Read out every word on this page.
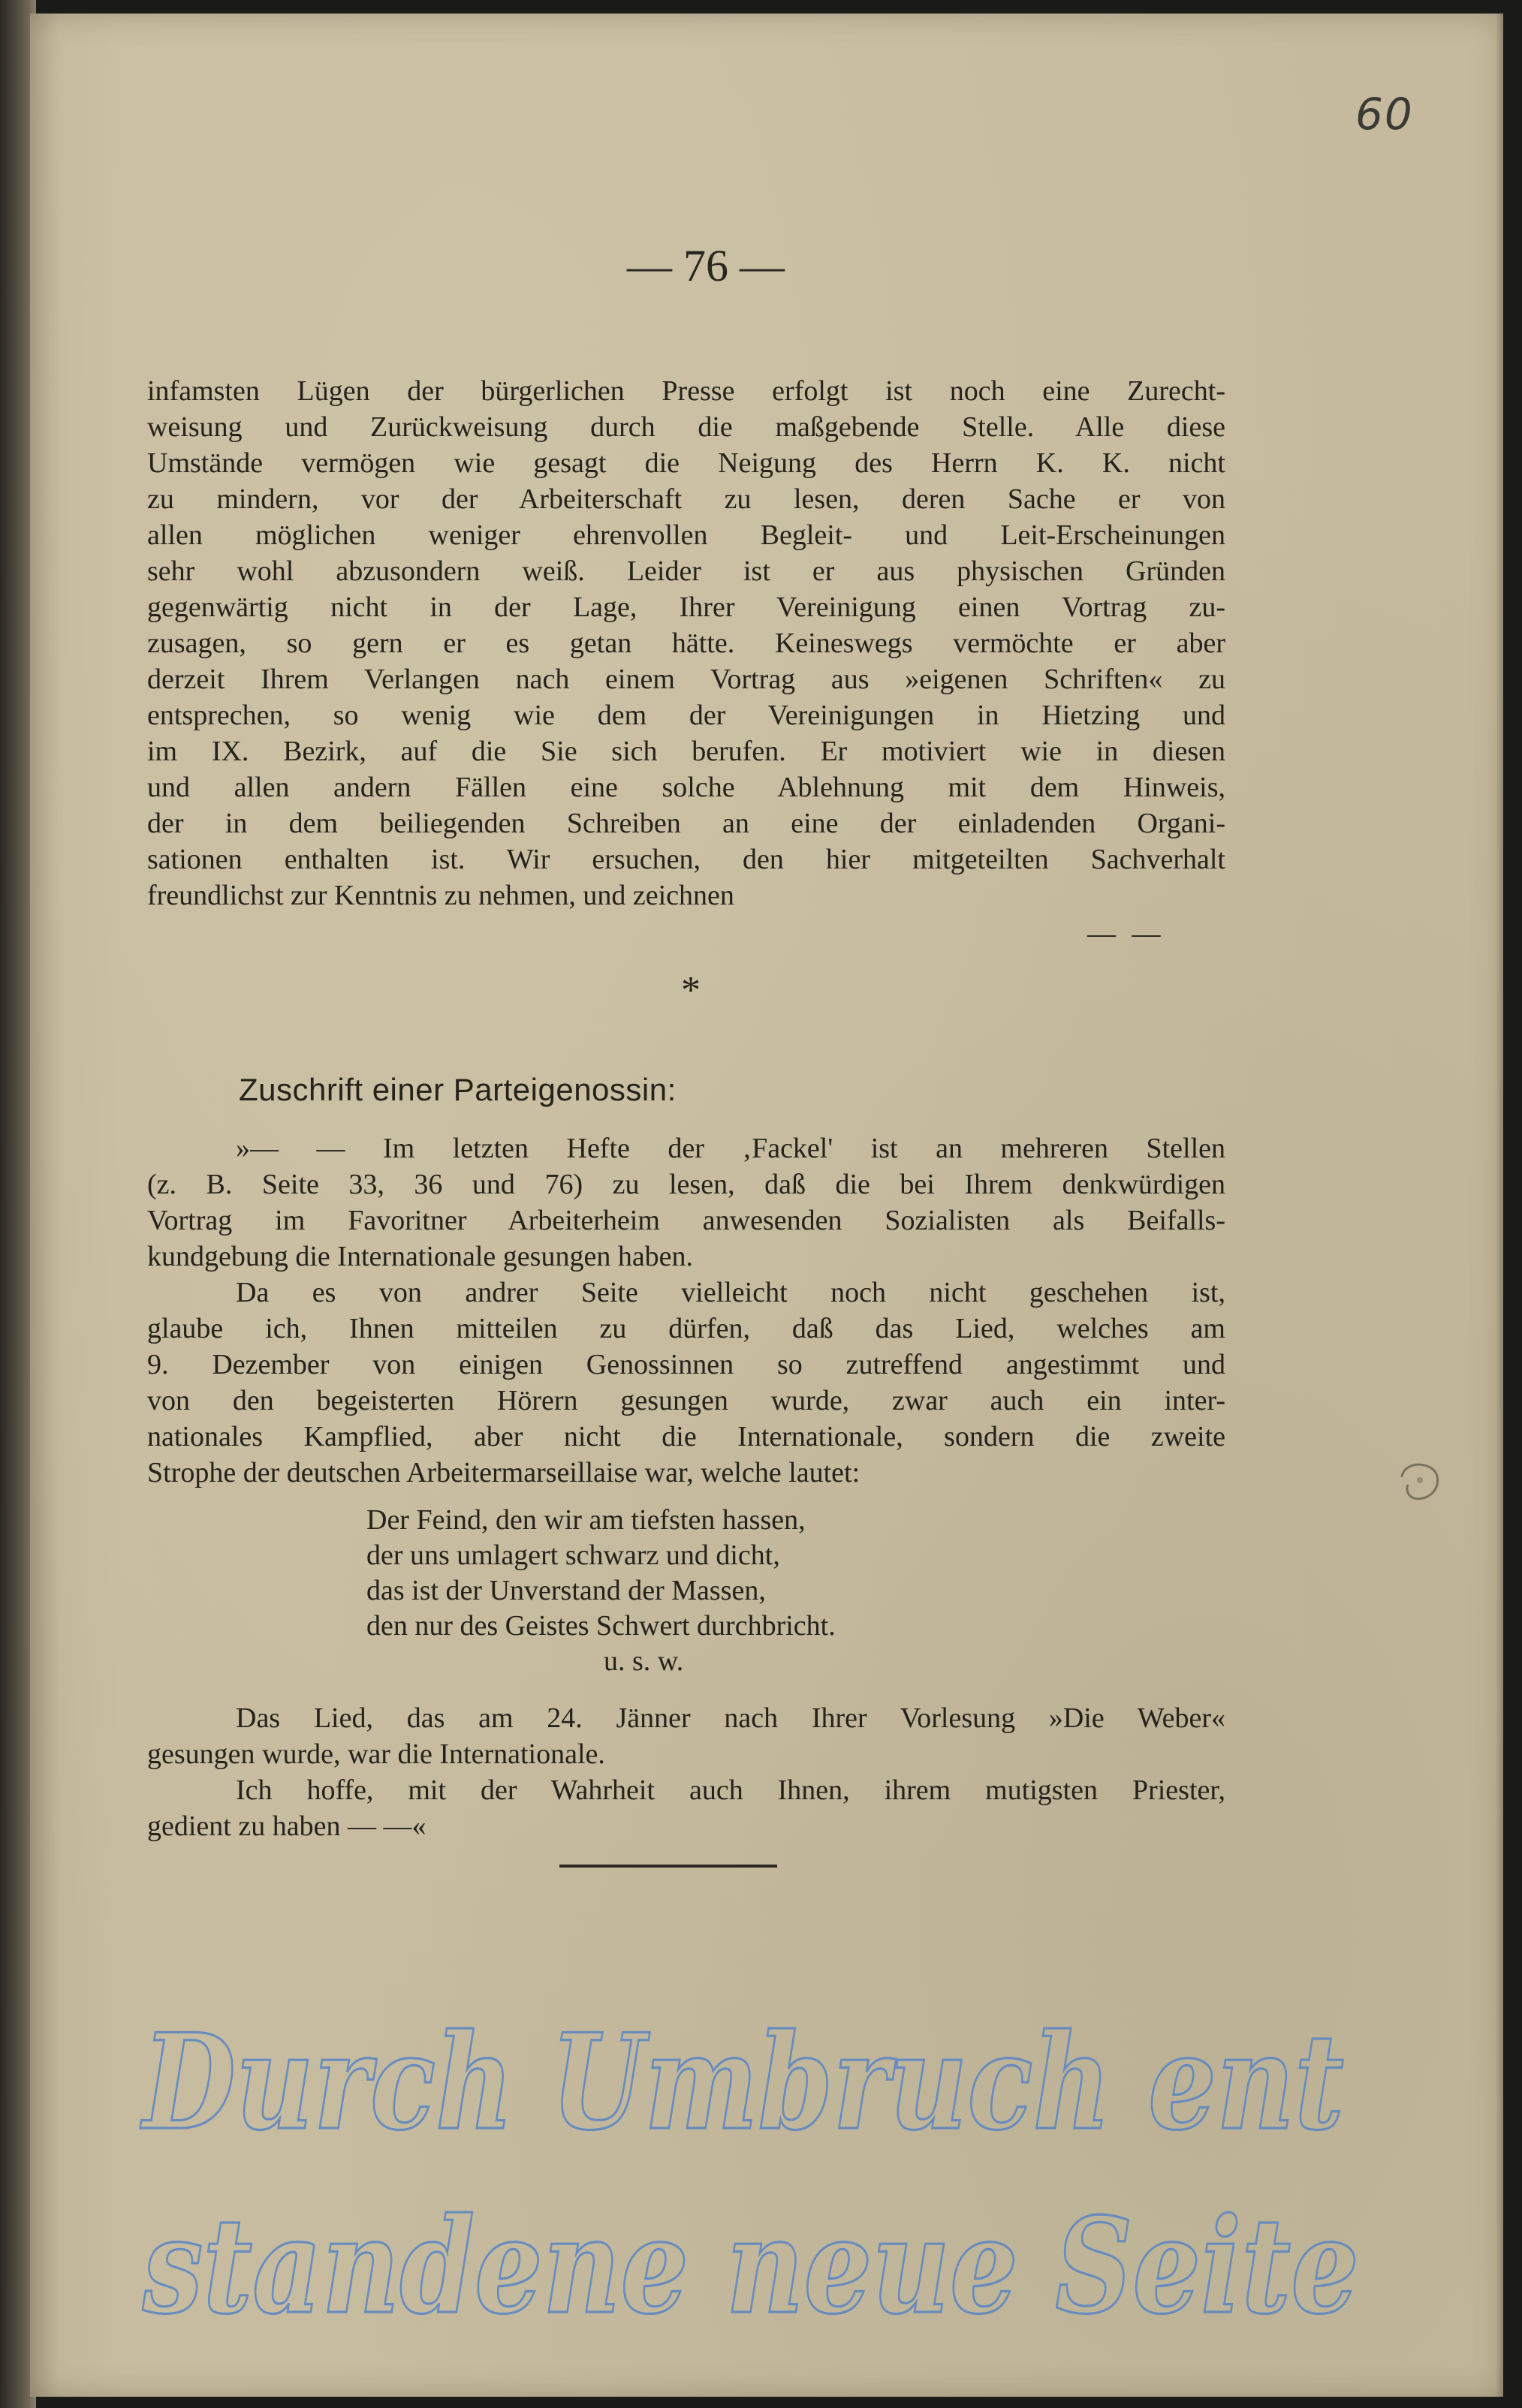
60
— 76 —
infamsten Lügen der bürgerlichen Presse erfolgt ist noch eine Zurecht-
weisung und Zurückweisung durch die maßgebende Stelle. Alle diese
Umstände vermögen wie gesagt die Neigung des Herrn K. K. nicht
zu mindern, vor der Arbeiterschaft zu lesen, deren Sache er von
allen möglichen weniger ehrenvollen Begleit- und Leit-Erscheinungen
sehr wohl abzusondern weiß. Leider ist er aus physischen Gründen
gegenwärtig nicht in der Lage, Ihrer Vereinigung einen Vortrag zu-
zusagen, so gern er es getan hätte. Keineswegs vermöchte er aber
derzeit Ihrem Verlangen nach einem Vortrag aus »eigenen Schriften« zu
entsprechen, so wenig wie dem der Vereinigungen in Hietzing und
im IX. Bezirk, auf die Sie sich berufen. Er motiviert wie in diesen
und allen andern Fällen eine solche Ablehnung mit dem Hinweis,
der in dem beiliegenden Schreiben an eine der einladenden Organi-
sationen enthalten ist. Wir ersuchen, den hier mitgeteilten Sachverhalt
freundlichst zur Kenntnis zu nehmen, und zeichnen
— —
*
Zuschrift einer Parteigenossin:
»— — Im letzten Hefte der ‚Fackel' ist an mehreren Stellen
(z. B. Seite 33, 36 und 76) zu lesen, daß die bei Ihrem denkwürdigen
Vortrag im Favoritner Arbeiterheim anwesenden Sozialisten als Beifalls-
kundgebung die Internationale gesungen haben.
Da es von andrer Seite vielleicht noch nicht geschehen ist,
glaube ich, Ihnen mitteilen zu dürfen, daß das Lied, welches am
9. Dezember von einigen Genossinnen so zutreffend angestimmt und
von den begeisterten Hörern gesungen wurde, zwar auch ein inter-
nationales Kampflied, aber nicht die Internationale, sondern die zweite
Strophe der deutschen Arbeitermarseillaise war, welche lautet:
Der Feind, den wir am tiefsten hassen,
der uns umlagert schwarz und dicht,
das ist der Unverstand der Massen,
den nur des Geistes Schwert durchbricht.
u. s. w.
Das Lied, das am 24. Jänner nach Ihrer Vorlesung »Die Weber«
gesungen wurde, war die Internationale.
Ich hoffe, mit der Wahrheit auch Ihnen, ihrem mutigsten Priester,
gedient zu haben — —«
Durch Umbruch ent
standene neue Seite
